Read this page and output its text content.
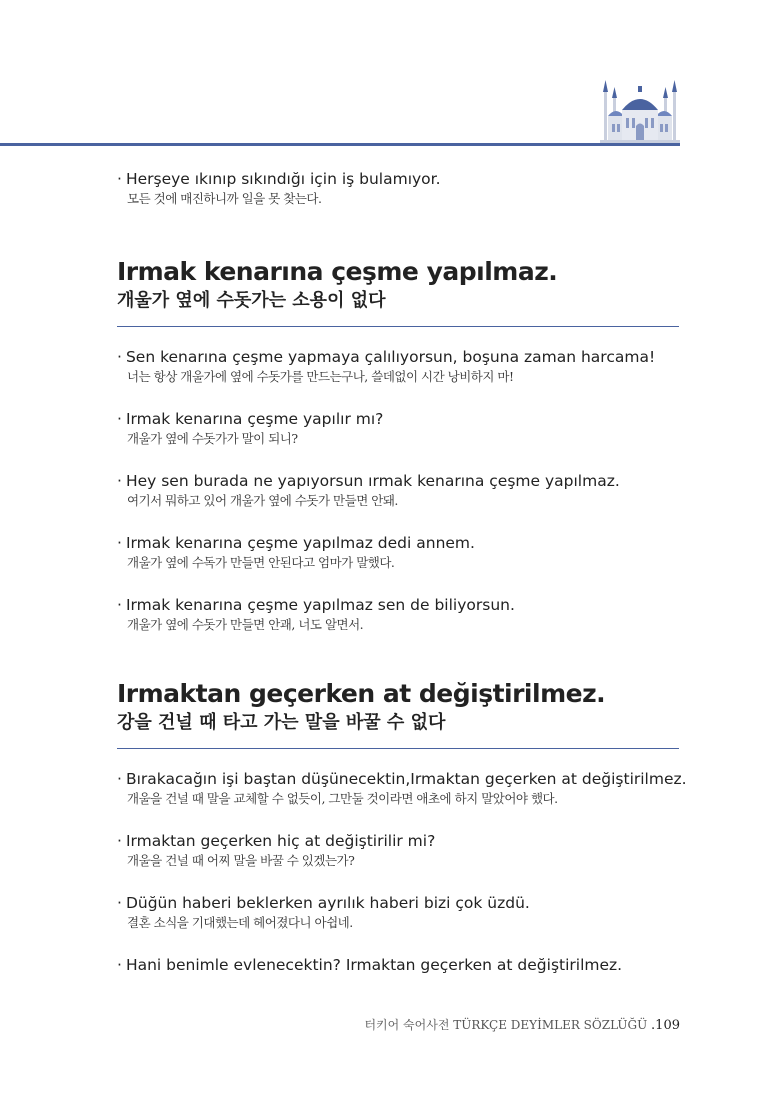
· Herşeye ıkınıp sıkındığı için iş bulamıyor.
모든 것에 매진하니까 일을 못 찾는다.
Irmak kenarına çeşme yapılmaz.
개울가 옆에 수돗가는 소용이 없다
· Sen kenarına çeşme yapmaya çalılıyorsun, boşuna zaman harcama!
너는 항상 개울가에 옆에 수돗가를 만드는구나, 쓸데없이 시간 낭비하지 마!
· Irmak kenarına çeşme yapılır mı?
개울가 옆에 수돗가가 말이 되니?
· Hey sen burada ne yapıyorsun ırmak kenarına çeşme yapılmaz.
여기서 뭐하고 있어 개울가 옆에 수돗가 만들면 안돼.
· Irmak kenarına çeşme yapılmaz dedi annem.
개울가 옆에 수독가 만들면 안된다고 엄마가 말했다.
· Irmak kenarına çeşme yapılmaz sen de biliyorsun.
개울가 옆에 수돗가 만들면 안괘, 너도 알면서.
Irmaktan geçerken at değiştirilmez.
강을 건널 때 타고 가는 말을 바꿀 수 없다
· Bırakacağın işi baştan düşünecektin,Irmaktan geçerken at değiştirilmez.
개울을 건널 때 말을 교체할 수 없듯이, 그만둘 것이라면 애초에 하지 말았어야 했다.
· Irmaktan geçerken hiç at değiştirilir mi?
개울을 건널 때 어찌 말을 바꿀 수 있겠는가?
· Düğün haberi beklerken ayrılık haberi bizi çok üzdü.
결혼 소식을 기대했는데 헤어졌다니 아쉽네.
· Hani benimle evlenecektin? Irmaktan geçerken at değiştirilmez.
터키어 숙어사전 TÜRKÇE DEYİMLER SÖZLÜĞÜ .109
